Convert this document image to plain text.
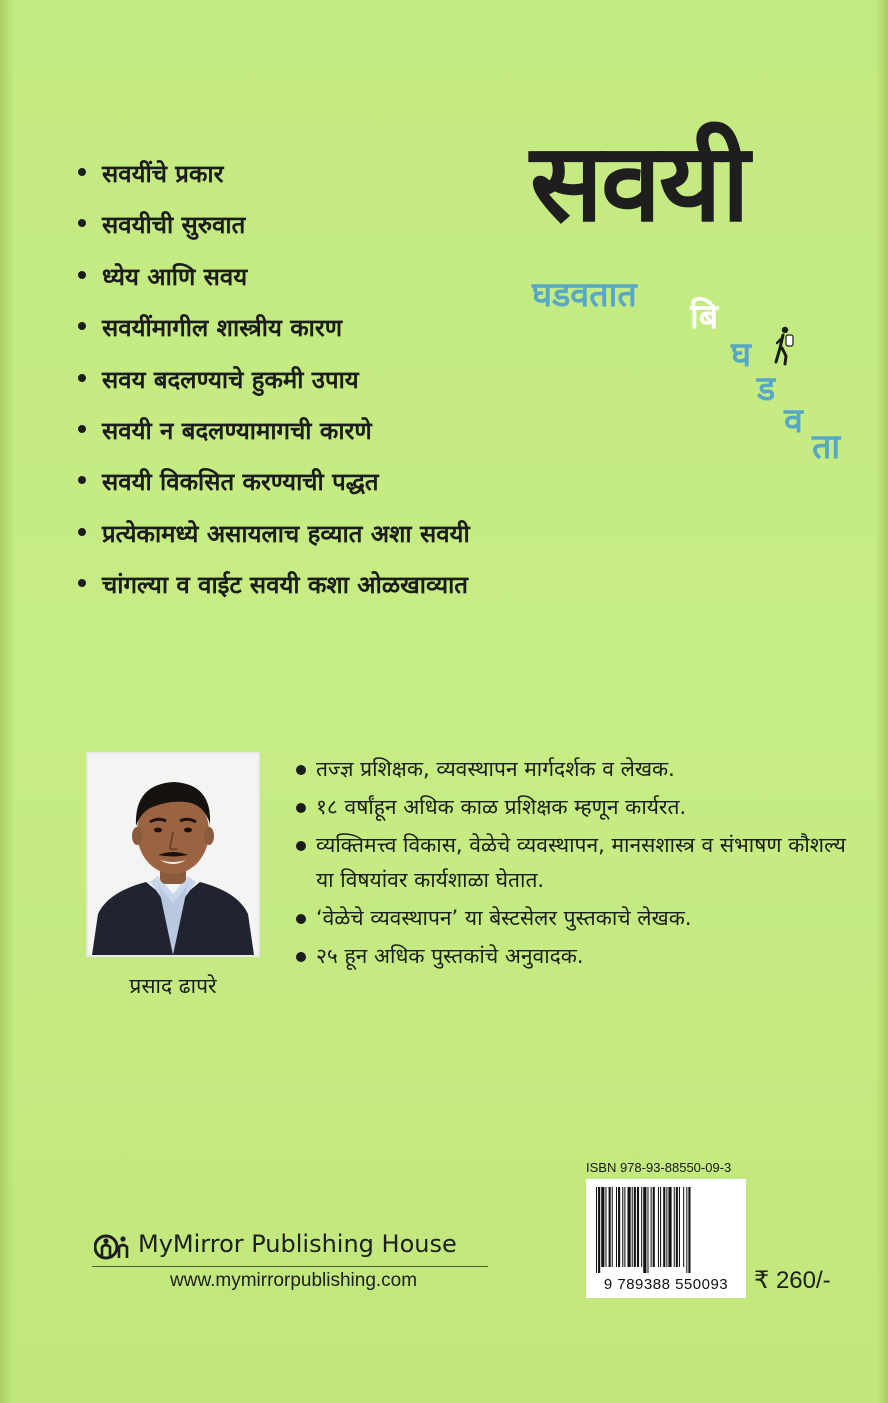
सवयी
घडवतात
बि
घ
ड
व
ता
सवयींचे प्रकार
सवयीची सुरुवात
ध्येय आणि सवय
सवयींमागील शास्त्रीय कारण
सवय बदलण्याचे हुकमी उपाय
सवयी न बदलण्यामागची कारणे
सवयी विकसित करण्याची पद्धत
प्रत्येकामध्ये असायलाच हव्यात अशा सवयी
चांगल्या व वाईट सवयी कशा ओळखाव्यात
प्रसाद ढापरे
तज्ज्ञ प्रशिक्षक, व्यवस्थापन मार्गदर्शक व लेखक.
१८ वर्षांहून अधिक काळ प्रशिक्षक म्हणून कार्यरत.
व्यक्तिमत्त्व विकास, वेळेचे व्यवस्थापन, मानसशास्त्र व संभाषण कौशल्य या विषयांवर कार्यशाळा घेतात.
‘वेळेचे व्यवस्थापन’ या बेस्टसेलर पुस्तकाचे लेखक.
२५ हून अधिक पुस्तकांचे अनुवादक.
MyMirror Publishing House
www.mymirrorpublishing.com
ISBN 978-93-88550-09-3
9 789388 550093	₹ 260/-
